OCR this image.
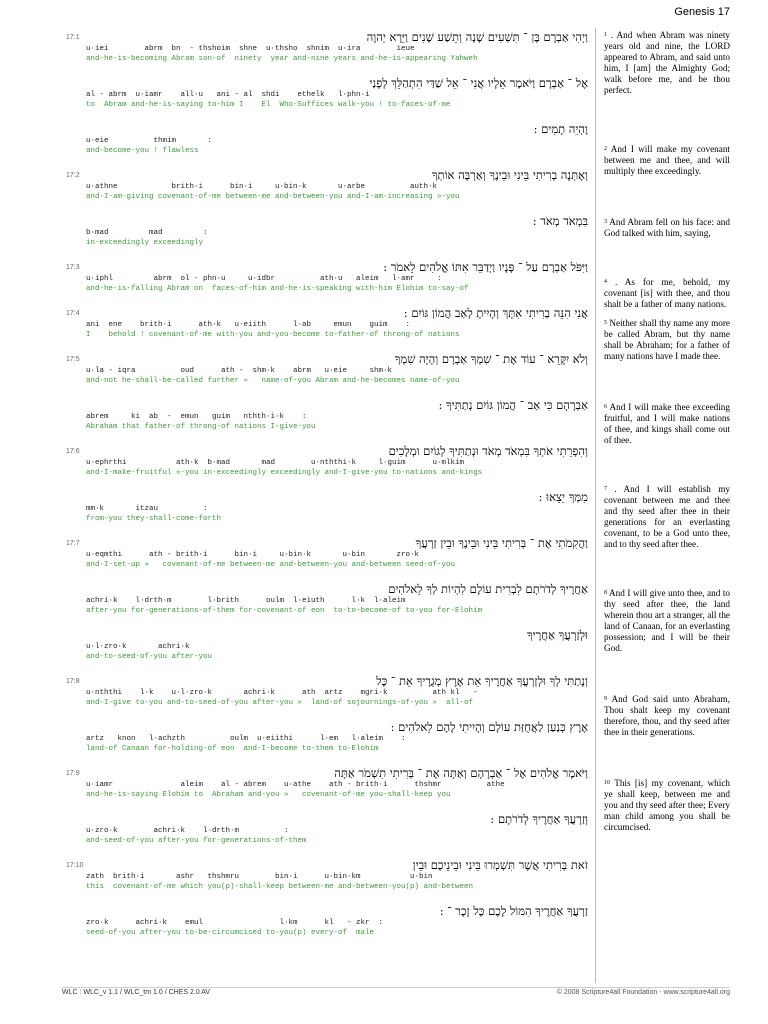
Genesis 17
17:1	וַיְהִי אַבְרָם בֶּן ־ תִּשְׁעִים שָׁנָה וְתֵשַׁע שָׁנִים וַיֵּרָא יְהוָה
u·iei        abrm  bn  - thshoim  shne  u·thsho  shnim  u·ira        ieue
and-he-is-becoming Abram son-of  ninety  year and-nine years and-he-is-appearing Yahweh
אֶל ־ אַבְרָם וַיֹּאמֶר אֵלָיו אֲנִי ־ אֵל שַׁדַּי הִתְהַלֵּךְ לְפָנַי
al - abrm  u·iamr    all·u   ani - al  shdi    ethelk   l·phn·i
to  Abram and-he-is-saying to-him I    El  Who-Suffices walk-you ! to·faces-of·me
וֶהְיֵה תָמִים :
u·eie          thmim       :
and-become-you ! flawless
17:2	וְאֶתְּנָה בְרִיתִי בֵּינִי וּבֵינֶךָ וְאַרְבֶּה אוֹתְךָ
u·athne            brith·i      bin·i     u·bin·k       u·arbe          auth·k
and-I-am-giving covenant-of-me between-me and-between-you and-I-am-increasing »-you
בִּמְאֹד מְאֹד :
b·mad         mad         :
in-exceedingly exceedingly
17:3	וַיִּפֹּל אַבְרָם עַל ־ פָּנָיו וַיְדַבֵּר אִתּוֹ אֱלֹהִים לֵאמֹר :
u·iphl         abrm  ol - phn·u     u·idbr          ath·u   aleim   l·amr     :
and-he-is-falling Abram on  faces-of-him and-he-is-speaking with-him Elohim to-say-of
17:4	אֲנִי הִנֵּה בְרִיתִי אִתָּךְ וְהָיִיתָ לְאַב הֲמוֹן גּוֹיִם :
ani  ene    brith·i      ath·k   u·eiith      l·ab     emun    guim    :
I    behold ! covenant-of-me with-you and-you-become to-father-of throng-of nations
17:5	וְלֹא יִקָּרֵא ־ עוֹד אֶת ־ שִׁמְךָ אַבְרָם וְהָיָה שִׁמְךָ
u·la - iqra          oud      ath -  shm·k    abrm   u·eie     shm·k
and-not he-shall-be-called further »   name-of-you Abram and-he-becomes name-of-you
אַבְרָהָם כִּי אַב ־ הֲמוֹן גּוֹיִם נְתַתִּיךָ :
abrem     ki  ab  -  emun   guim   nthth·i·k    :
Abraham that father-of throng-of nations I-give-you
17:6	וְהִפְרֵתִי אֹתְךָ בִּמְאֹד מְאֹד וּנְתַתִּיךָ לְגוֹיִם וּמְלָכִים
u·ephrthi           ath·k  b·mad       mad        u·nththi·k     l·guim      u·mlkim
and-I-make-fruitful »-you in-exceedingly exceedingly and-I-give-you to-nations and-kings
מִמְּךָ יֵצֵאוּ :
mm·k       itzau          :
from-you they-shall-come-forth
17:7	וַהֲקִמֹתִי אֶת ־ בְּרִיתִי בֵּינִי וּבֵינֶךָ וּבֵין זַרְעֲךָ
u·eqmthi      ath - brith·i      bin·i     u·bin·k       u·bin       zro·k
and-I-set-up »   covenant-of-me between-me and-between-you and-between seed-of-you
אַחֲרֶיךָ לְדֹרֹתָם לִבְרִית עוֹלָם לִהְיוֹת לְךָ לֵאלֹהִים
achri·k    l·drth·m        l·brith      oulm  l·eiuth      l·k  l·aleim
after-you for-generations-of-them for-covenant-of eon  to-to-become-of to-you for-Elohim
וּלְזַרְעֲךָ אַחֲרֶיךָ
u·l·zro·k       achri·k
and-to-seed-of-you after-you
17:8	וְנָתַתִּי לְךָ וּלְזַרְעֲךָ אַחֲרֶיךָ אֵת אֶרֶץ מְגֻרֶיךָ אֵת ־ כָּל
u·nththi    l·k    u·l·zro·k       achri·k      ath  artz    mgri·k          ath kl   -
and-I-give to-you and-to-seed-of-you after-you »  land-of sojournings-of-you »  all-of
אֶרֶץ כְּנַעַן לַאֲחֻזַּת עוֹלָם וְהָיִיתִי לָהֶם לֵאלֹהִים :
artz   knon   l·achzth          oulm  u·eiithi      l·em   l·aleim    :
land-of Canaan for-holding-of eon  and-I-become to-them to-Elohim
17:9	וַיֹּאמֶר אֱלֹהִים אֶל ־ אַבְרָהָם וְאַתָּה אֶת ־ בְּרִיתִי תִשְׁמֹר אַתָּה
u·iamr               aleim    al - abrem    u·athe    ath - brith·i      thshmr          athe
and-he-is-saying Elohim to  Abraham and-you »   covenant-of-me you-shall-keep you
וְזַרְעֲךָ אַחֲרֶיךָ לְדֹרֹתָם :
u·zro·k        achri·k    l·drth·m          :
and-seed-of-you after-you for-generations-of-them
17:10	זֹאת בְּרִיתִי אֲשֶׁר תִּשְׁמְרוּ בֵּינִי וּבֵינֵיכֶם וּבֵין
zath  brith·i       ashr   thshmru        bin·i      u·bin·km           u·bin
this  covenant-of-me which you(p)-shall-keep between-me and-between-you(p) and-between
זַרְעֲךָ אַחֲרֶיךָ הִמּוֹל לָכֶם כָּל זָכָר ־ :
zro·k      achri·k    emul                 l·km      kl   - zkr  :
seed-of-you after-you to-be-circumcised to-you(p) every-of  male
$^1$ . And when Abram was ninety years old and nine, the LORD appeared to Abram, and said unto him, I [am] the Almighty God; walk before me, and be thou perfect.
$^2$ And I will make my covenant between me and thee, and will multiply thee exceedingly.
$^3$ And Abram fell on his face: and God talked with him, saying,
$^4$ . As for me, behold, my covenant [is] with thee, and thou shalt be a father of many nations.
$^5$ Neither shall thy name any more be called Abram, but thy name shall be Abraham; for a father of many nations have I made thee.
$^6$ And I will make thee exceeding fruitful, and I will make nations of thee, and kings shall come out of thee.
$^7$ . And I will establish my covenant between me and thee and thy seed after thee in their generations for an everlasting covenant, to be a God unto thee, and to thy seed after thee.
$^8$ And I will give unto thee, and to thy seed after thee, the land wherein thou art a stranger, all the land of Canaan, for an everlasting possession; and I will be their God.
$^9$ And God said unto Abraham, Thou shalt keep my covenant therefore, thou, and thy seed after thee in their generations.
$^{10}$ This [is] my covenant, which ye shall keep, between me and you and thy seed after thee; Every man child among you shall be circumcised.
WLC : WLC_v 1.1 / WLC_tm 1.0 / CHES 2.0 AV	© 2008 Scripture4all Foundation - www.scripture4all.org
